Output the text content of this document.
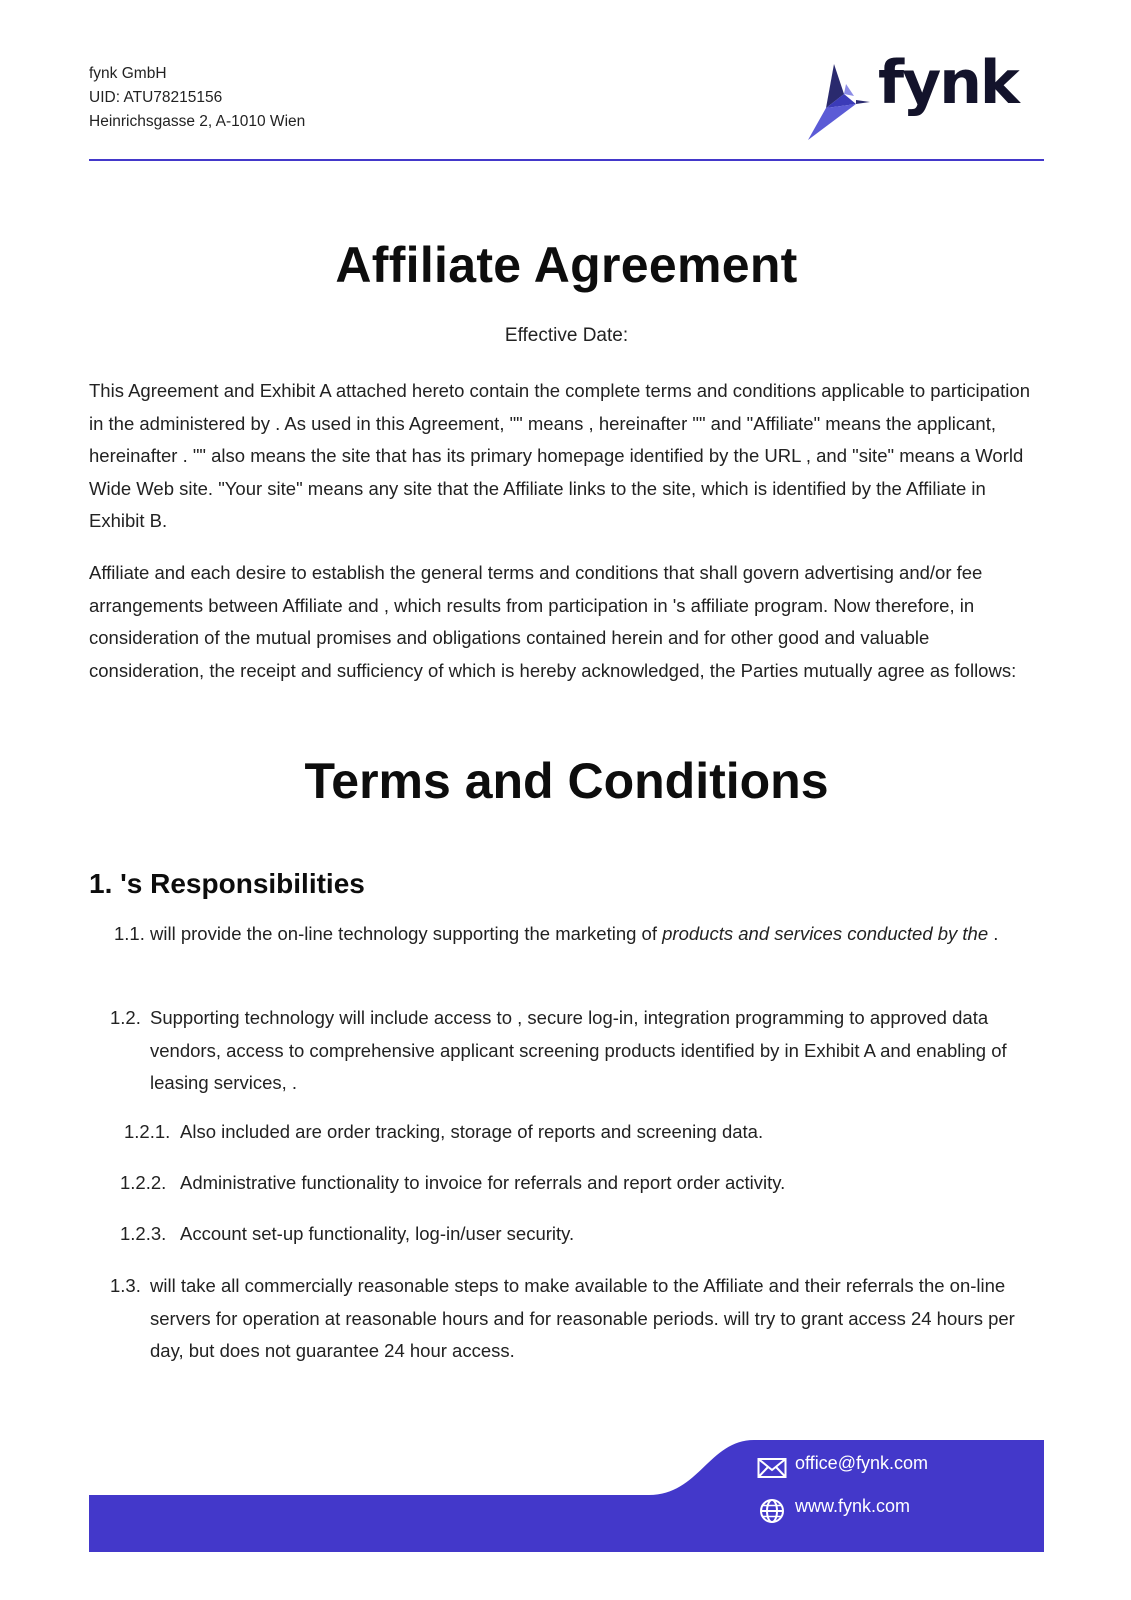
fynk GmbH
UID: ATU78215156
Heinrichsgasse 2, A-1010 Wien
fynk
Affiliate Agreement
Effective Date:

This Agreement and Exhibit A attached hereto contain the complete terms and conditions applicable to participation in the administered by . As used in this Agreement, "" means , hereinafter "" and "Affiliate" means the applicant, hereinafter . "" also means the site that has its primary homepage identified by the URL , and "site" means a World Wide Web site. "Your site" means any site that the Affiliate links to the site, which is identified by the Affiliate in Exhibit B.

Affiliate and each desire to establish the general terms and conditions that shall govern advertising and/or fee arrangements between Affiliate and , which results from participation in 's affiliate program. Now therefore, in consideration of the mutual promises and obligations contained herein and for other good and valuable consideration, the receipt and sufficiency of which is hereby acknowledged, the Parties mutually agree as follows:

Terms and Conditions
1. 's Responsibilities
1.1. will provide the on-line technology supporting the marketing of products and services conducted by the .
1.2. Supporting technology will include access to , secure log-in, integration programming to approved data vendors, access to comprehensive applicant screening products identified by in Exhibit A and enabling of leasing services, .
1.2.1. Also included are order tracking, storage of reports and screening data.
1.2.2. Administrative functionality to invoice for referrals and report order activity.
1.2.3. Account set-up functionality, log-in/user security.
1.3. will take all commercially reasonable steps to make available to the Affiliate and their referrals the on-line servers for operation at reasonable hours and for reasonable periods. will try to grant access 24 hours per day, but does not guarantee 24 hour access.
office@fynk.com
www.fynk.com
